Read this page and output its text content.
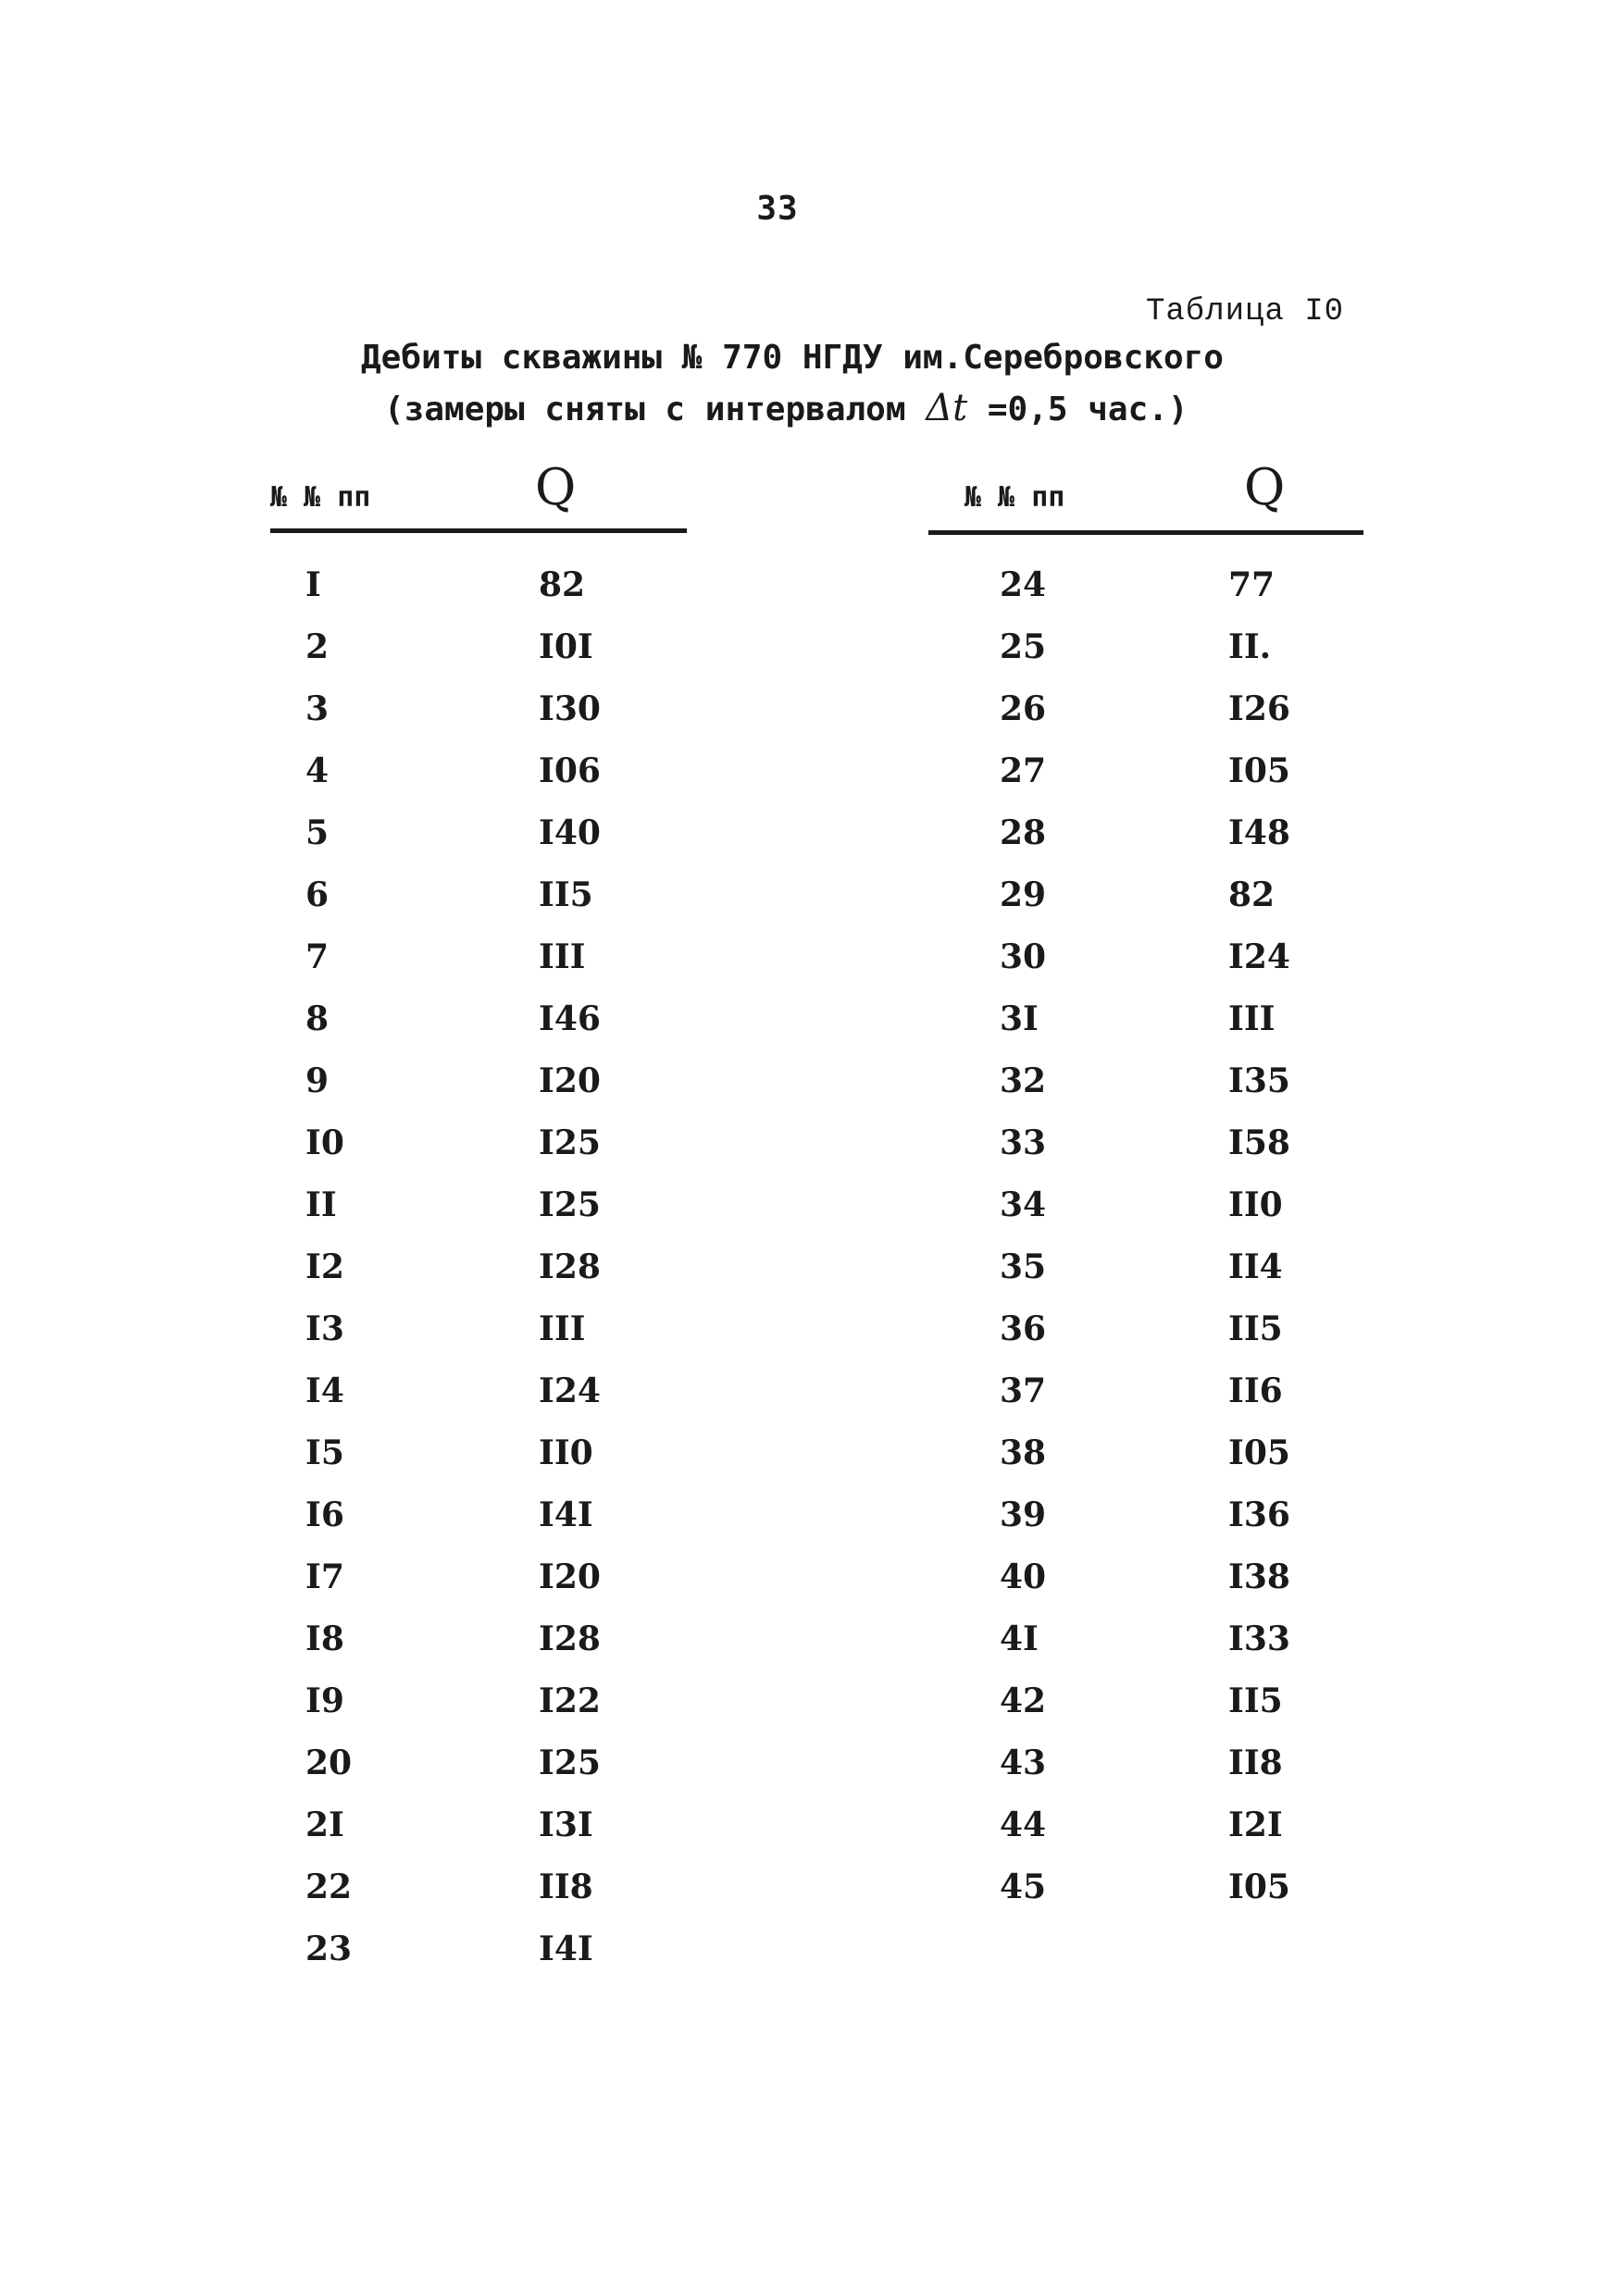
33
Таблица I0
Дебиты скважины № 770 НГДУ им.Серебровского
(замеры сняты с интервалом Δt =0,5 час.)
№ № пп	Q	№ № пп	Q
I	82
2	I0I
3	I30
4	I06
5	I40
6	II5
7	III
8	I46
9	I20
I0	I25
II	I25
I2	I28
I3	III
I4	I24
I5	II0
I6	I4I
I7	I20
I8	I28
I9	I22
20	I25
2I	I3I
22	II8
23	I4I
24	77
25	II.
26	I26
27	I05
28	I48
29	82
30	I24
3I	III
32	I35
33	I58
34	II0
35	II4
36	II5
37	II6
38	I05
39	I36
40	I38
4I	I33
42	II5
43	II8
44	I2I
45	I05
